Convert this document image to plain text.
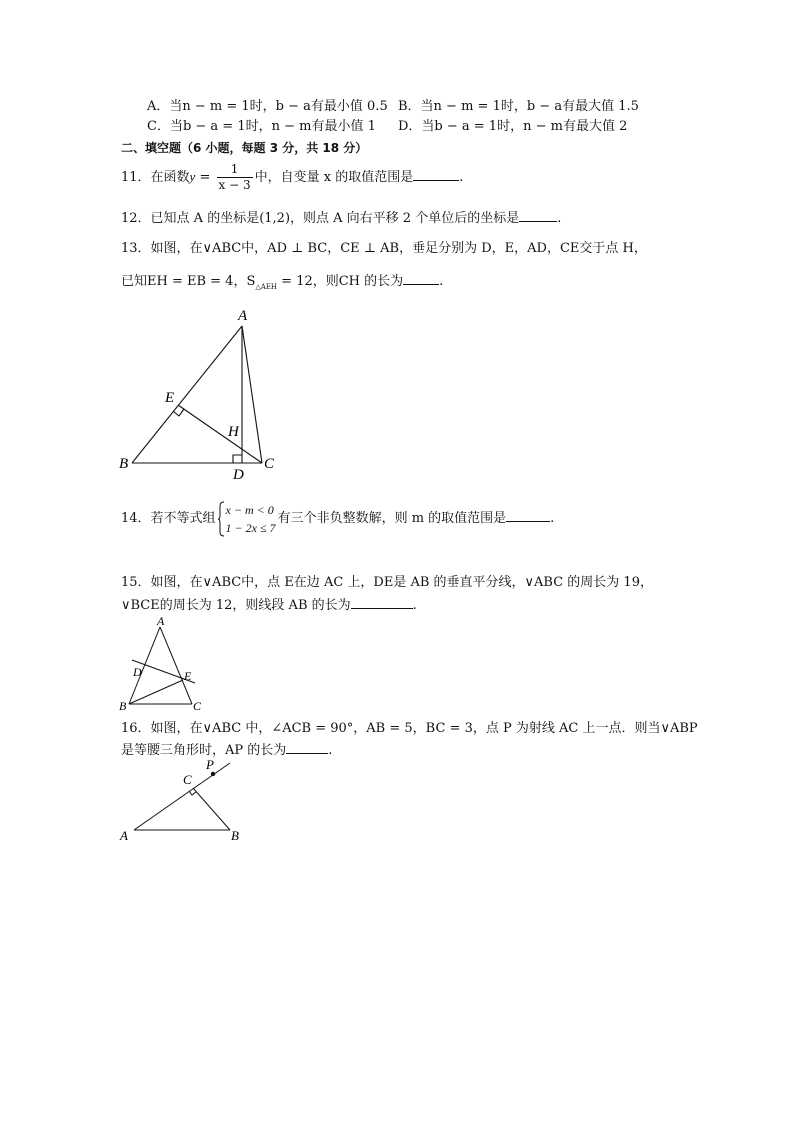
A．当n − m = 1时，b − a有最小值 0.5 B．当n − m = 1时，b − a有最大值 1.5
C．当b − a = 1时，n − m有最小值 1 D．当b − a = 1时，n − m有最大值 2
二、填空题（6 小题，每题 3 分，共 18 分）
11．在函数$y = \frac{1}{x - 3}$ 中，自变量 x 的取值范围是	.
12．已知点 A 的坐标是(1,2)，则点 A 向右平移 2 个单位后的坐标是	.
13．如图，在∨ABC中，AD ⊥ BC，CE ⊥ AB，垂足分别为 D，E，AD，CE交于点 H，
已知EH = EB = 4，$S_{\triangle AEH} = 12$，则CH 的长为	.
A
B	C
D
E
H
14．若不等式组
x − m < 0
1 − 2x ≤ 7
有三个非负整数解，则 m 的取值范围是	.
15．如图，在∨ABC中，点 E在边 AC 上，DE是 AB 的垂直平分线，∨ABC 的周长为 19，
∨BCE的周长为 12，则线段 AB 的长为	.
A
B	C
D	E
16．如图，在∨ABC 中，∠ACB = 90°，AB = 5，BC = 3，点 P 为射线 AC 上一点．则当∨ABP
是等腰三角形时，AP 的长为	.
A	B
C
P
